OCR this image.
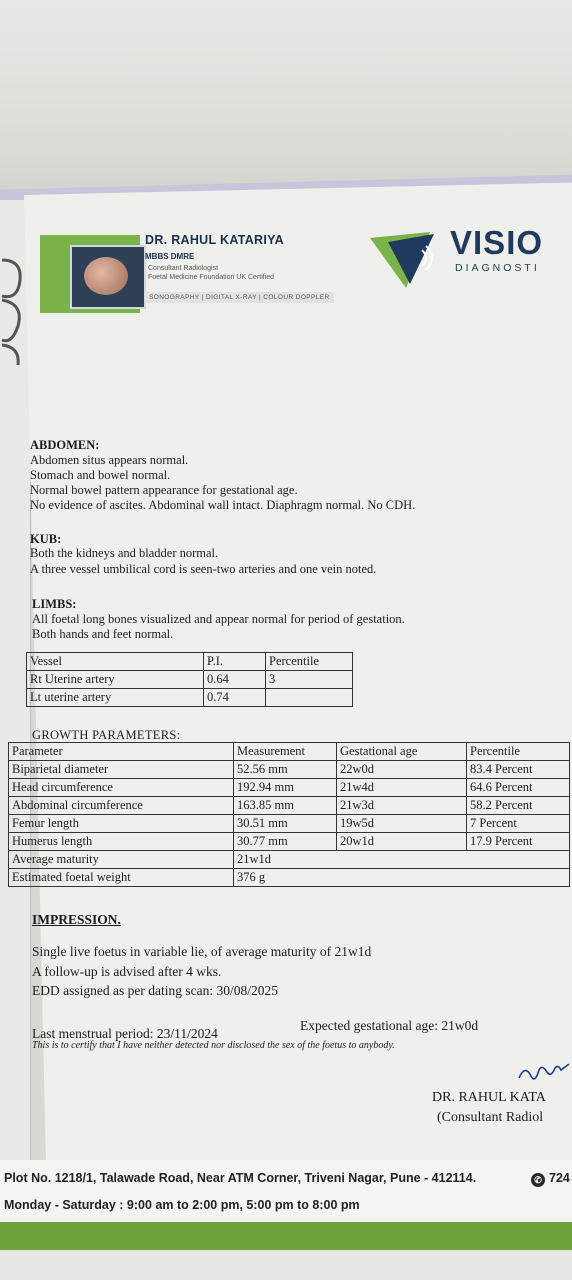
DR. RAHUL KATARIYA
MBBS DMRE
Consultant Radiologist
Foetal Medicine Foundation UK Certified
SONOGRAPHY | DIGITAL X-RAY | COLOUR DOPPLER
VISIO
DIAGNOSTI
ABDOMEN:
Abdomen situs appears normal.
Stomach and bowel normal.
Normal bowel pattern appearance for gestational age.
No evidence of ascites. Abdominal wall intact. Diaphragm normal. No CDH.
KUB:
Both the kidneys and bladder normal.
A three vessel umbilical cord is seen-two arteries and one vein noted.
LIMBS:
All foetal long bones visualized and appear normal for period of gestation.
Both hands and feet normal.
Vessel	P.I.	Percentile
Rt Uterine artery	0.64	3
Lt uterine artery	0.74	
GROWTH PARAMETERS:
Parameter	Measurement	Gestational age	Percentile
Biparietal diameter	52.56 mm	22w0d	83.4 Percent
Head circumference	192.94 mm	21w4d	64.6 Percent
Abdominal circumference	163.85 mm	21w3d	58.2 Percent
Femur length	30.51 mm	19w5d	7 Percent
Humerus length	30.77 mm	20w1d	17.9 Percent
Average maturity	21w1d		
Estimated foetal weight	376 g		
IMPRESSION.
Single live foetus in variable lie, of average maturity of 21w1d
A follow-up is advised after 4 wks.
EDD assigned as per dating scan: 30/08/2025
Last menstrual period: 23/11/2024
Expected gestational age: 21w0d
This is to certify that I have neither detected nor disclosed the sex of the foetus to anybody.
DR. RAHUL KATA
(Consultant Radiol
Plot No. 1218/1, Talawade Road, Near ATM Corner, Triveni Nagar, Pune - 412114.	✆ 724
Monday - Saturday : 9:00 am to 2:00 pm, 5:00 pm to 8:00 pm
